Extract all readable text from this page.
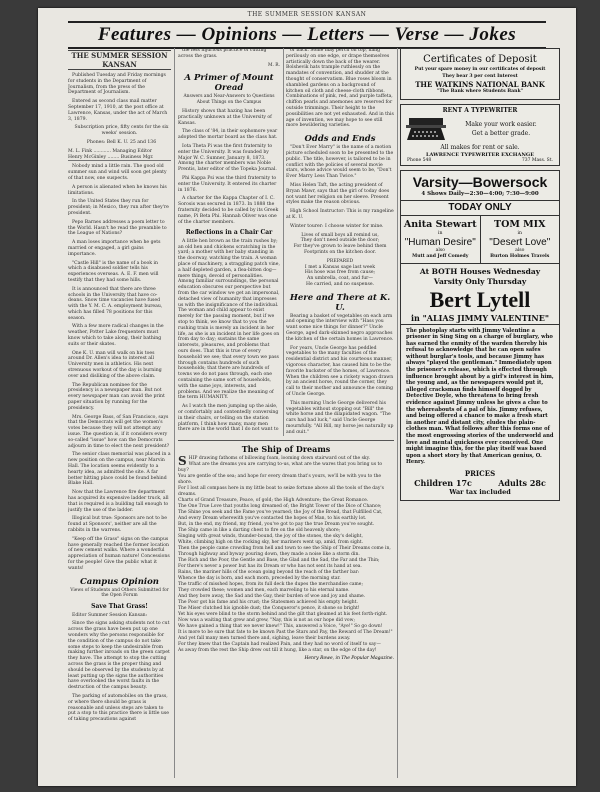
THE SUMMER SESSION KANSAN
Features — Opinions — Letters — Verse — Jokes
THE SUMMER SESSION KANSAN

Published Tuesday and Friday mornings for students in the Department of Journalism, from the press of the Department of Journalism.

Entered as second class mail matter September 17, 1910, at the post office at Lawrence, Kansas, under the act of March 3, 1879.

Subscription price, fifty cents for the six weeks' session.

Phones: Bell K. U. 25 and 136

M. L. Fink ............ Managing Editor
Henry McGinley ........ Business Mgr.

Nobody mind a little rain. The good old summer sun and wind will soon get plenty of that now, one suspects.

A person is alienated when he knows his limitations.

In the United States they run for president; in Mexico, they run after they're president.

Pepo Barnes addresses a poem letter to the World. Hasn't he read the preamble to the League of Nations?

A man loses importance when he gets married or engaged, a girl gains importance.

"Castle Hill" is the name of a book in which a disabused soldier tells his experiences overseas. A. E. F. men will testify that they had some hills.

It is announced that there are three schools in the University that have co-deans. Snow time vacancies have fused with the Y. M. C. A. employment bureau, which has filled 78 positions for this season.

With a few more radical changes in the weather, Potter Lake frequenters must know which to take along, their bathing suits or their skates.

One K. U. man will walk on his toes around Dr. Allen's idea to interest all University men in athletics. His next strenuous workout of the day is burning over and disliking of the above claim.

The Republican nominee for the presidency is a newspaper man. But not every newspaper man can avoid the print paper situation by running for the presidency.

Mrs. George Bass, of San Francisco, says that the Democrats will get the women's votes because they will not attempt any issue. The question is, if it considers every so-called "issue" how can the Democrats adjourn in time to elect the next president?

The senior class memorial was placed in a new position on the campus, near Marvin Hall. The location seems evidently to a hearty idea, as admitted the site. A far better hitting place could be found behind Blake Hall.

Now that the Lawrence fire department has acquired its expensive ladder truck, all that is required is a building tall enough to justify the use of the ladder.

Illogical but true: Sponsors are not to be found at Sponsors', neither are all the rabbits in the warrens.

"Keep off the Grass" signs on the campus have generally reached the former location of new cement walks. Where a wonderful appreciation of human nature! Concessions for the people! Give the public what it wants!

Campus Opinion
Views of Students and Others Submitted for the Open Forum
Save That Grass!

Editor Summer Session Kansan:

Since the signs asking students not to cut across the grass have been put up one wonders why the persons responsible for the condition of the campus do not take some steps to keep the undesirable from making further inroads on the green carpet they have. The attempt to stop the cutting across the grass is the proper thing and should be observed by the students by at least putting up the signs the authorities have overlooked the worst faults in the destruction of the campus beauty.

The parking of automobiles on the grass, or where there should be grass is reasonable and unless steps are taken to put a stop to this practice there is little use of taking precautions against

the less injurious practice of cutting across the grass.

M. R.
A Primer of Mount Oread
Answers and Near-Answers to Questions About Things on the Campus

History shows that hazing has been practically unknown at the University of Kansas.

The class of '84, in their sophomore year adopted the mortar board as the class hat.

Iota Theta Pi was the first fraternity to enter the University. It was founded by Major W. C. Sumner, January 8, 1873. Among the charter members was Noble Prentis, later editor of the Topeka Journal.

Phi Kappa Psi was the third fraternity to enter the University. It entered its charter in 1876.

A charter for the Kappa Chapter of I. C. Sorosis was secured in 1873. In 1888 the fraternity decided to be called by its Greek name, Pi Beta Phi. Hannah Oliver was one of the charter members.

Reflections in a Chair Car

A little hen brown as the train rushes by; an old hen and chickens scratching in the yard; a mother with her baby standing in the doorway, watching the train. A woman place of machinery, a straggling patch vine, a half depleted garden, a flea-bitten dog—mere things, devoid of personalities. Among familiar surroundings, the personal education obscures our perspective but from the car window we get an impersonal, detached view of humanity that impresses us with the insignificance of the individual. The woman and child appear to exist merely for the passing moment, but if we stop to think, we know that to you the rushing train is merely an incident in her life, as she is an incident in her life goes on from day to day; sustains the same interests, pleasures, and problems that ours does. That this is true of every household we see; that every town we pass through contains hundreds of such households; that there are hundreds of towns we do not pass through, each one containing the same sort of households, with the same joys, interests, and problems. And we realize the meaning of the term HUMANITY.

As I watch the men jumping up the aisle, or comfortably and contentedly conversing in their chairs, or telling on the station platform, I think how many, many men there are in the world that I do not want to

or back. Some may perch on top, hang perilously on one edge, or drape themselves artistically down the back of the wearer. Bolshevik hats trample ruthlessly on the mandates of convention, and shudder at the thought of conservatism. Blue roses bloom in shambled gardens on a background of kitchen oil cloth and cheese-cloth ribbons. Combinations of pink, red, and purple taffeta, chiffon pearls and anemones are reserved for outside trimmings. Their height to the possibilities are not yet exhausted. And in this age of invention, we may hope to see still more bewildering varieties.

Odds and Ends

"Don't Ever Marry" is the name of a motion picture scheduled soon to be presented to the public. The title, however, is tailored to be in conflict with the policies of several movie stars, whose advice would seem to be, "Don't Ever Marry Less Than Twice."

Miss Helen Taft, the acting president of Bryan Mawr, says that the girl of today does not want her religion on her sleeve. Present styles make the reason obvious.

High School Instructor: This is my rangeline at K. U.

Winter tourer: I choose winter for mine.

Lives of small boys all remind us,
They don't need outside the door;
For they've grown to leave behind them
Footprints on the kitchen door.

PREPARED

I met a Kansas sage last week
His hose was free from cause;
An umbrella, coat, and fur—
He carried, and no suspense.

Here and There at K. U.

Bearing a basket of vegetables on each arm and opening the interview with "Hass you want some nice things for dinner?" Uncle George, aged dark-skinned negro approaches the kitchen of the certain homes in Lawrence.

For years, Uncle George has peddled vegetables to the many faculties of the residential district and his courteous manner, vigorous character, has caused him to be the favorite huckster of the homes, of Lawrence. When the children see a rickety wagon drawn by an ancient horse, round the corner, they call to their mother and announce the coming of Uncle George.

This morning Uncle George delivered his vegetables without stopping out "Bill" the white horse and the dilapidated wagon. "The cars had bad luck," said Uncle George mournfully. "All Bill, my horse jes naturally up and quit."

The Ship of Dreams
S HIP drawing fathoms of billowing foam, looming down stairward out of the sky.
What are the dreams you are carrying to-us, what are the wares that you bring us to buy?
You are gentle of the sea; and hope for every dream that's yours, we'll be with you to the shore.
For I lost all compass here in my little boat to seize fortune above all the tools of the day's dreams.
Charts of Grand Treasure, Peace, of gold; the High Adventure; the Great Romance.
The One True Love that youths long dreamed of; the Bright Tower of the Dice of Chance;
The Shine you seek and the Fame you've yearned; the Joy of the Bread, that Fulfilled Cat,
And every Dream wherewith you've contacted the hopes of Man, to his earthly lot.
But, in the end, my friend, my friend, you've got to pay the true Dream you've sought.
The Ship came in like a darting chest to fire on the old heavenly shore;
Singing with great winds, thunder-bound, the joy of the stones, the sky's delight,
White, climbing high on the rocking sky, her mariners went up, amid, from sight.
Then the people came crowding from hell and town to see the Ship of Their Dreams come in,
Through highway and byway pouring down, they made a noise like a storm din.
The Rich and the Poor, the Gentle and Base, the Glad and the Sad, the Far and the Thin;
For there's never a power but has its Dream or who has not sent its hand at sea.
Rains, the mariner hills of the ocean going beyond the reach of the farther bar:
Whence the day is born, and each morn, preceded by the morning star.
The traffic of misshed hopes, from its full deck the dupes the merchandise came;
They crowded these; women and men, each marveling to his eternal name.
And they bore away, the Sad and the Gay, their burden of woe and joy and shame.
The Poor got his fame and his crust; the Statesmen achieved his empty height.
The Miser clutched his ignoble dust; the Conqueror's pence, it shone so bright!
Yet his eyes were blind to the storm behind and the gilt that gleamed at his feet forth-right.
Now was a waiting that grew and grew, "Nay, this is not as our hope did vow;
We have gained a thing that we never knew!" This, answered a Voice, "Aye!" So go down!
It is more to be sure that fate to be known Past the Stars and Pay, the Reward of The Dream!"
And yet fall many men turned there and, sighing, leave their burdens away.
For they knew that the Captain had realized Pain, and they had no word of itself to say—
As away from the rest the Ship drew out till it hung, like a star, on the edge of the day!
Henry Rowe, in The Popular Magazine.
Certificates of Deposit
Put your spare money in our certificates of deposit
They bear 3 per cent Interest
THE WATKINS NATIONAL BANK
"The Bank where Students Bank"
RENT A TYPEWRITER
Make your work easier.
Get a better grade.
All makes for rent or sale.
LAWRENCE TYPEWRITER EXCHANGE
Phone 548	737 Mass. St.
Varsity—Bowersock
4 Shows Daily—2:30—4:00; 7:30—9:00
TODAY ONLY
Anita Stewart
in
"Human Desire"
also
Mutt and Jeff Comedy
TOM MIX
in
"Desert Love"
also
Burton Holmes Travels
At BOTH Houses Wednesday
Varsity Only Thursday
Bert Lytell
in "ALIAS JIMMY VALENTINE"
The photoplay starts with Jimmy Valentine a prisoner in Sing Sing on a charge of burglary, who has earned the enmity of the warden thereby his refusal to acknowledge that he can open safes without burglar's tools, and because Jimmy has always "played the gentleman." Immediately upon the prisoner's release, which is effected through influence brought about by a girl's interest in him, the young and, as the newspapers would put it, alleged cracksman finds himself dogged by Detective Doyle, who threatens to bring fresh evidence against Jimmy unless he gives a clue to the whereabouts of a pal of his. Jimmy refuses, and being offered a chance to make a fresh start in another and distant city, eludes the plain-clothes man. What follows after this forms one of the most engrossing stories of the underworld and love and mental quickness ever conceived. One might imagine this, for the play itself was based upon a short story by that American genius, O. Henry.
PRICES
Children 17c	Adults 28c
War tax included
